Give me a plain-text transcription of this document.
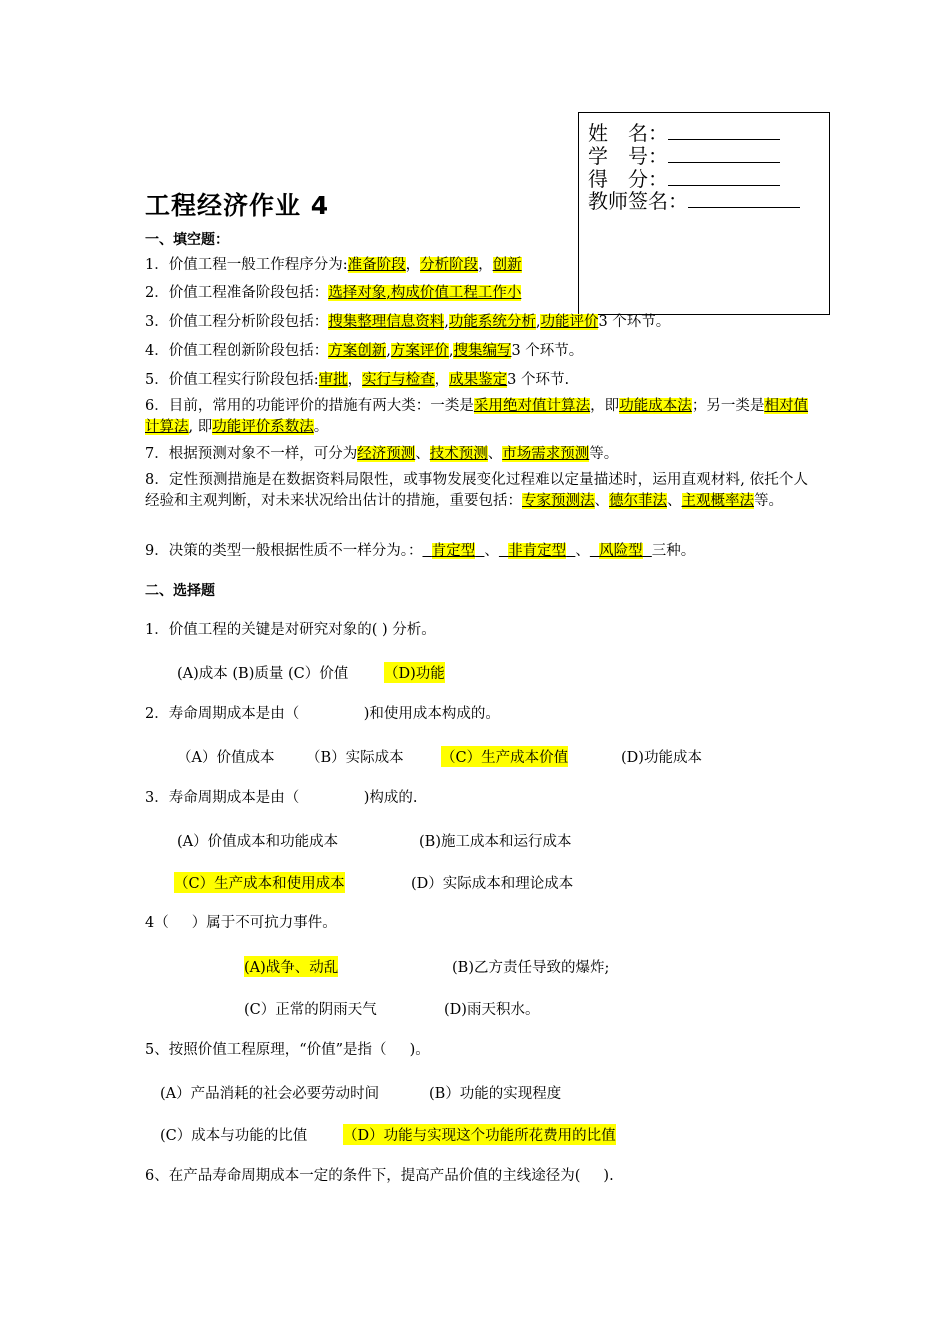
姓　名：
学　号：
得　分：
教师签名：
工程经济作业 4
一、填空题：
1．价值工程一般工作程序分为:准备阶段，分析阶段，创新
2．价值工程准备阶段包括：选择对象,构成价值工程工作小
3．价值工程分析阶段包括：搜集整理信息资料,功能系统分析,功能评价3 个环节。
4．价值工程创新阶段包括：方案创新,方案评价,搜集编写3 个环节。
5．价值工程实行阶段包括:审批，实行与检查，成果鉴定3 个环节.
6．目前，常用的功能评价的措施有两大类：一类是采用绝对值计算法，即功能成本法；另一类是相对值计算法, 即功能评价系数法。
7．根据预测对象不一样，可分为经济预测、技术预测、市场需求预测等。
8．定性预测措施是在数据资料局限性，或事物发展变化过程难以定量描述时，运用直观材料, 依托个人经验和主观判断，对未来状况给出估计的措施，重要包括：专家预测法、德尔菲法、主观概率法等。
9．决策的类型一般根据性质不一样分为。： 肯定型 、 非肯定型 、 风险型 三种。
二、选择题
1．价值工程的关键是对研究对象的( ) 分析。
(A)成本 (B)质量 (C）价值 （D)功能
2．寿命周期成本是由（              )和使用成本构成的。
（A）价值成本 （B）实际成本	（C）生产成本价值	(D)功能成本
3．寿命周期成本是由（              )构成的.
(A）价值成本和功能成本	(B)施工成本和运行成本
（C）生产成本和使用成本	(D）实际成本和理论成本
4（     ）属于不可抗力事件。
(A)战争、动乱	(B)乙方责任导致的爆炸;
(C）正常的阴雨天气	(D)雨天积水。
5、按照价值工程原理，“价值”是指（     )。
(A）产品消耗的社会必要劳动时间	(B）功能的实现程度
(C）成本与功能的比值 （D）功能与实现这个功能所花费用的比值
6、在产品寿命周期成本一定的条件下，提高产品价值的主线途径为(     ).
